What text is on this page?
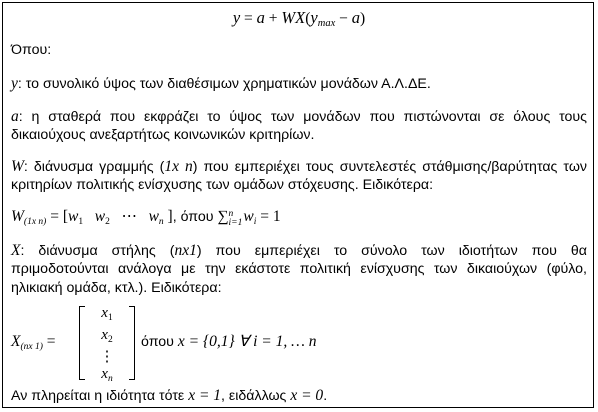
$y = a + WX(y_{max} - a)$
Όπου:
y: το συνολικό ύψος των διαθέσιμων χρηματικών μονάδων Α.Λ.ΔΕ.
a: η σταθερά που εκφράζει το ύψος των μονάδων που πιστώνονται σε όλους τους
δικαιούχους ανεξαρτήτως κοινωνικών κριτηρίων.
W: διάνυσμα γραμμής (1x n) που εμπεριέχει τους συντελεστές στάθμισης/βαρύτητας των
κριτηρίων πολιτικής ενίσχυσης των ομάδων στόχευσης. Ειδικότερα:
W(1x n) = [w1 w2 ⋯ wn ], όπου ∑ n
i=1 wi = 1
X: διάνυσμα στήλης (nx1) που εμπεριέχει το σύνολο των ιδιοτήτων που θα
πριμοδοτούνται ανάλογα με την εκάστοτε πολιτική ενίσχυσης των δικαιούχων (φύλο,
ηλικιακή ομάδα, κτλ.). Ειδικότερα:
X(nx 1) =
$x_1$
$x_2$
⋮
$x_n$
όπου x = {0,1} ∀ i = 1, … n
Αν πληρείται η ιδιότητα τότε x = 1, ειδάλλως x = 0.
